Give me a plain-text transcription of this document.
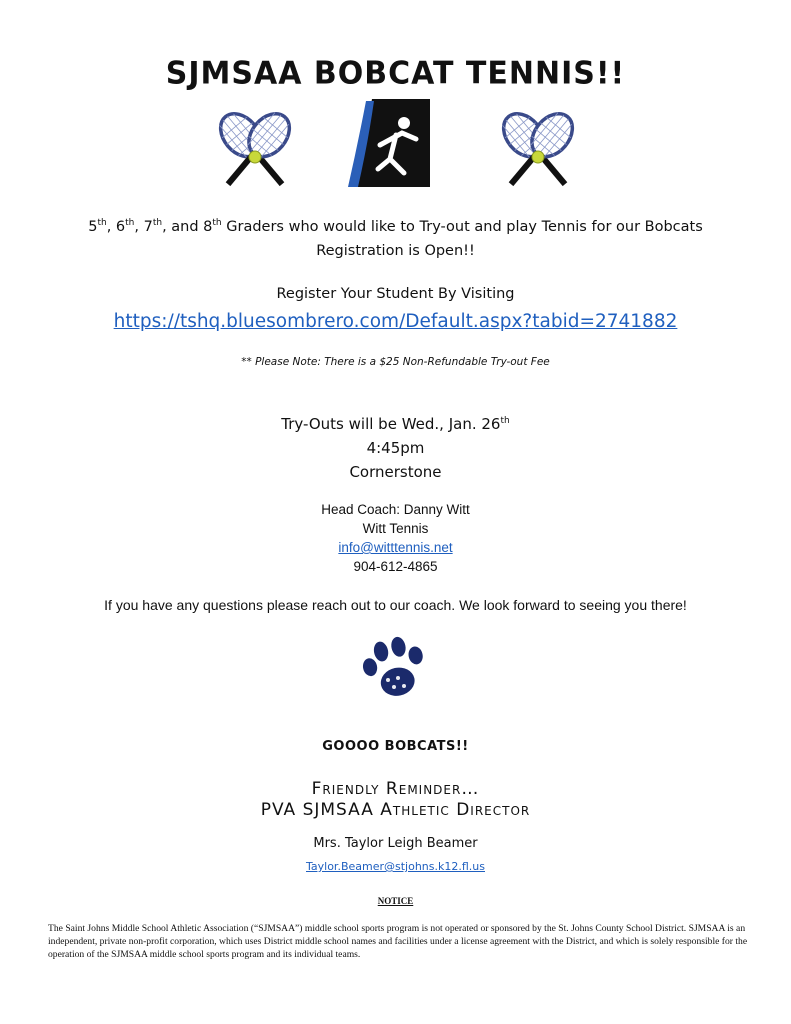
SJMSAA BOBCAT TENNIS!!
5th, 6th, 7th, and 8th Graders who would like to Try-out and play Tennis for our Bobcats
Registration is Open!!
Register Your Student By Visiting
https://tshq.bluesombrero.com/Default.aspx?tabid=2741882
** Please Note: There is a $25 Non-Refundable Try-out Fee
Try-Outs will be Wed., Jan. 26th
4:45pm
Cornerstone
Head Coach: Danny Witt
Witt Tennis
info@witttennis.net
904-612-4865
If you have any questions please reach out to our coach. We look forward to seeing you there!
GOOOO BOBCATS!!
Friendly Reminder…
PVA SJMSAA Athletic Director
Mrs. Taylor Leigh Beamer
Taylor.Beamer@stjohns.k12.fl.us
NOTICE
The Saint Johns Middle School Athletic Association (“SJMSAA”) middle school sports program is not operated or sponsored by the St. Johns County School District. SJMSAA is an independent, private non-profit corporation, which uses District middle school names and facilities under a license agreement with the District, and which is solely responsible for the operation of the SJMSAA middle school sports program and its individual teams.
